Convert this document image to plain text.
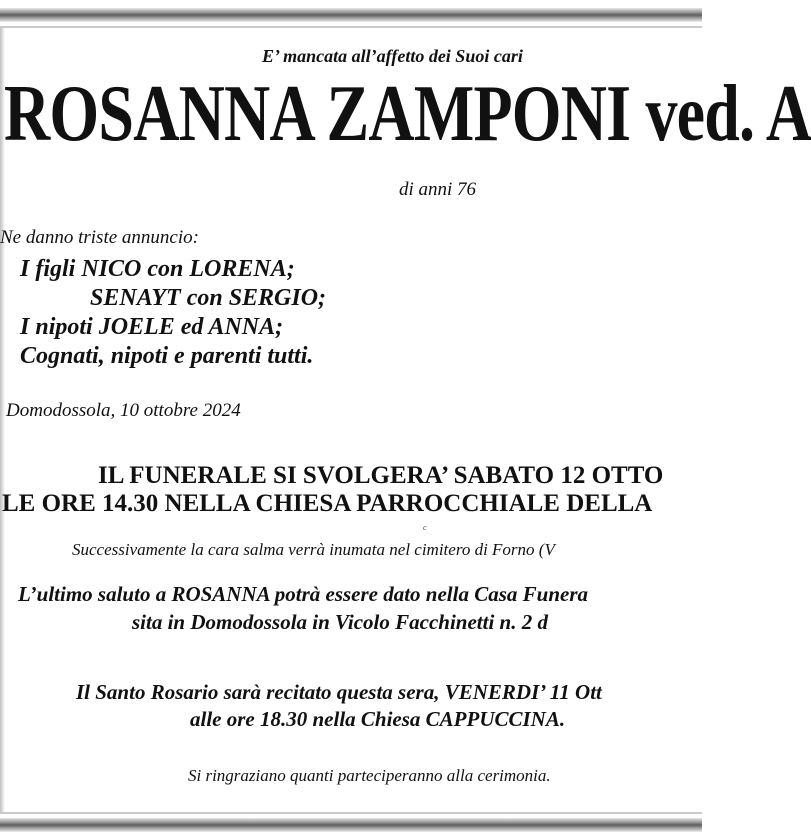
E’ mancata all’affetto dei Suoi cari
ROSANNA ZAMPONI ved. A
di anni 76
Ne danno triste annuncio:
I figli NICO con LORENA;
SENAYT con SERGIO;
I nipoti JOELE ed ANNA;
Cognati, nipoti e parenti tutti.
Domodossola, 10 ottobre 2024
IL FUNERALE SI SVOLGERA’ SABATO 12 OTTO
LE ORE 14.30 NELLA CHIESA PARROCCHIALE DELLA
c
Successivamente la cara salma verrà inumata nel cimitero di Forno (V
L’ultimo saluto a ROSANNA potrà essere dato nella Casa Funera
sita in Domodossola in Vicolo Facchinetti n. 2 d
Il Santo Rosario sarà recitato questa sera, VENERDI’ 11 Ott
alle ore 18.30 nella Chiesa CAPPUCCINA.
Si ringraziano quanti parteciperanno alla cerimonia.
